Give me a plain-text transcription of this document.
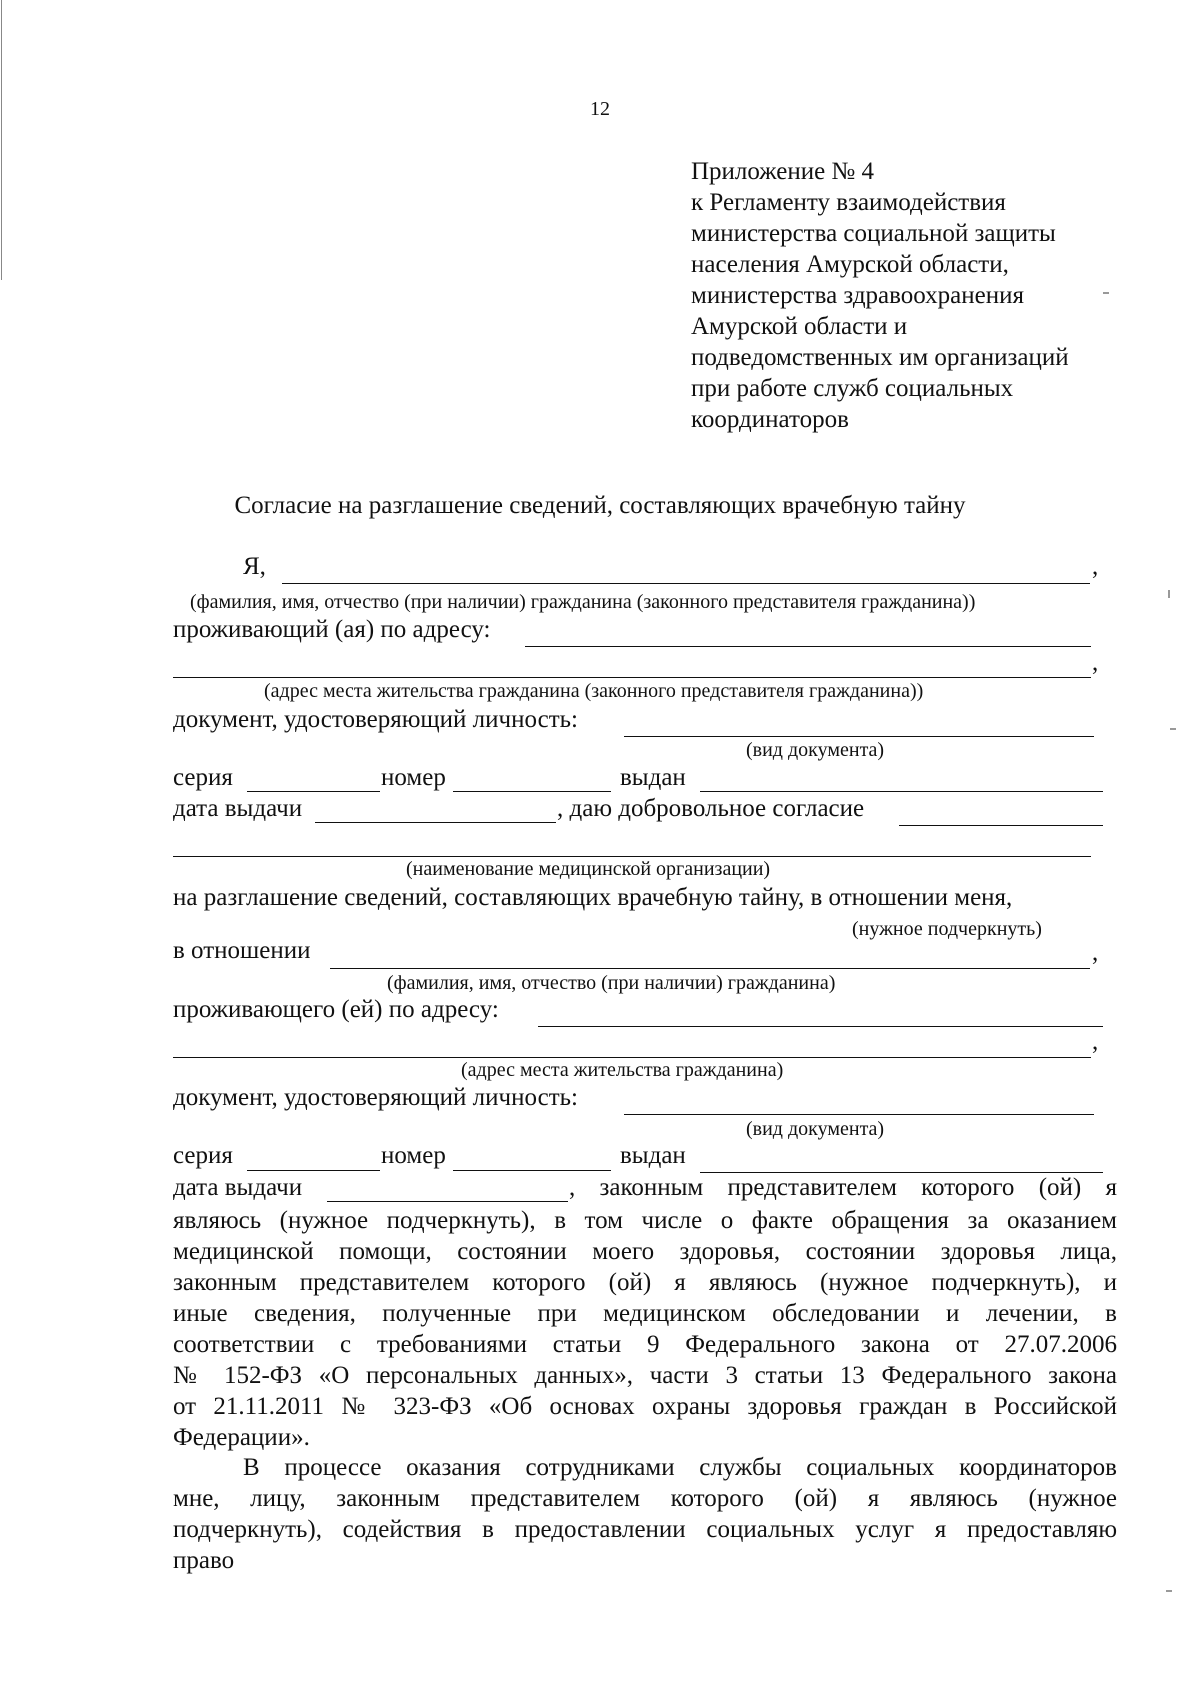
12
Приложение № 4
к Регламенту взаимодействия
министерства социальной защиты
населения Амурской области,
министерства здравоохранения
Амурской области и
подведомственных им организаций
при работе служб социальных
координаторов
Согласие на разглашение сведений, составляющих врачебную тайну
Я,	,
(фамилия, имя, отчество (при наличии) гражданина (законного представителя гражданина))
проживающий (ая) по адресу:
,
(адрес места жительства гражданина (законного представителя гражданина))
документ, удостоверяющий личность:
(вид документа)
серия	номер	выдан
дата выдачи	, даю добровольное согласие
(наименование медицинской организации)
на разглашение сведений, составляющих врачебную тайну, в отношении меня,
(нужное подчеркнуть)
в отношении	,
(фамилия, имя, отчество (при наличии) гражданина)
проживающего (ей) по адресу:
,
(адрес места жительства гражданина)
документ, удостоверяющий личность:
(вид документа)
серия	номер	выдан
дата выдачи	, законным представителем которого (ой) я
являюсь (нужное подчеркнуть), в том числе о факте обращения за оказанием
медицинской помощи, состоянии моего здоровья, состоянии здоровья лица,
законным представителем которого (ой) я являюсь (нужное подчеркнуть), и
иные сведения, полученные при медицинском обследовании и лечении, в
соответствии с требованиями статьи 9 Федерального закона от 27.07.2006
№ 152-ФЗ «О персональных данных», части 3 статьи 13 Федерального закона
от 21.11.2011 № 323-ФЗ «Об основах охраны здоровья граждан в Российской
Федерации».
В процессе оказания сотрудниками службы социальных координаторов
мне, лицу, законным представителем которого (ой) я являюсь (нужное
подчеркнуть), содействия в предоставлении социальных услуг я предоставляю
право
